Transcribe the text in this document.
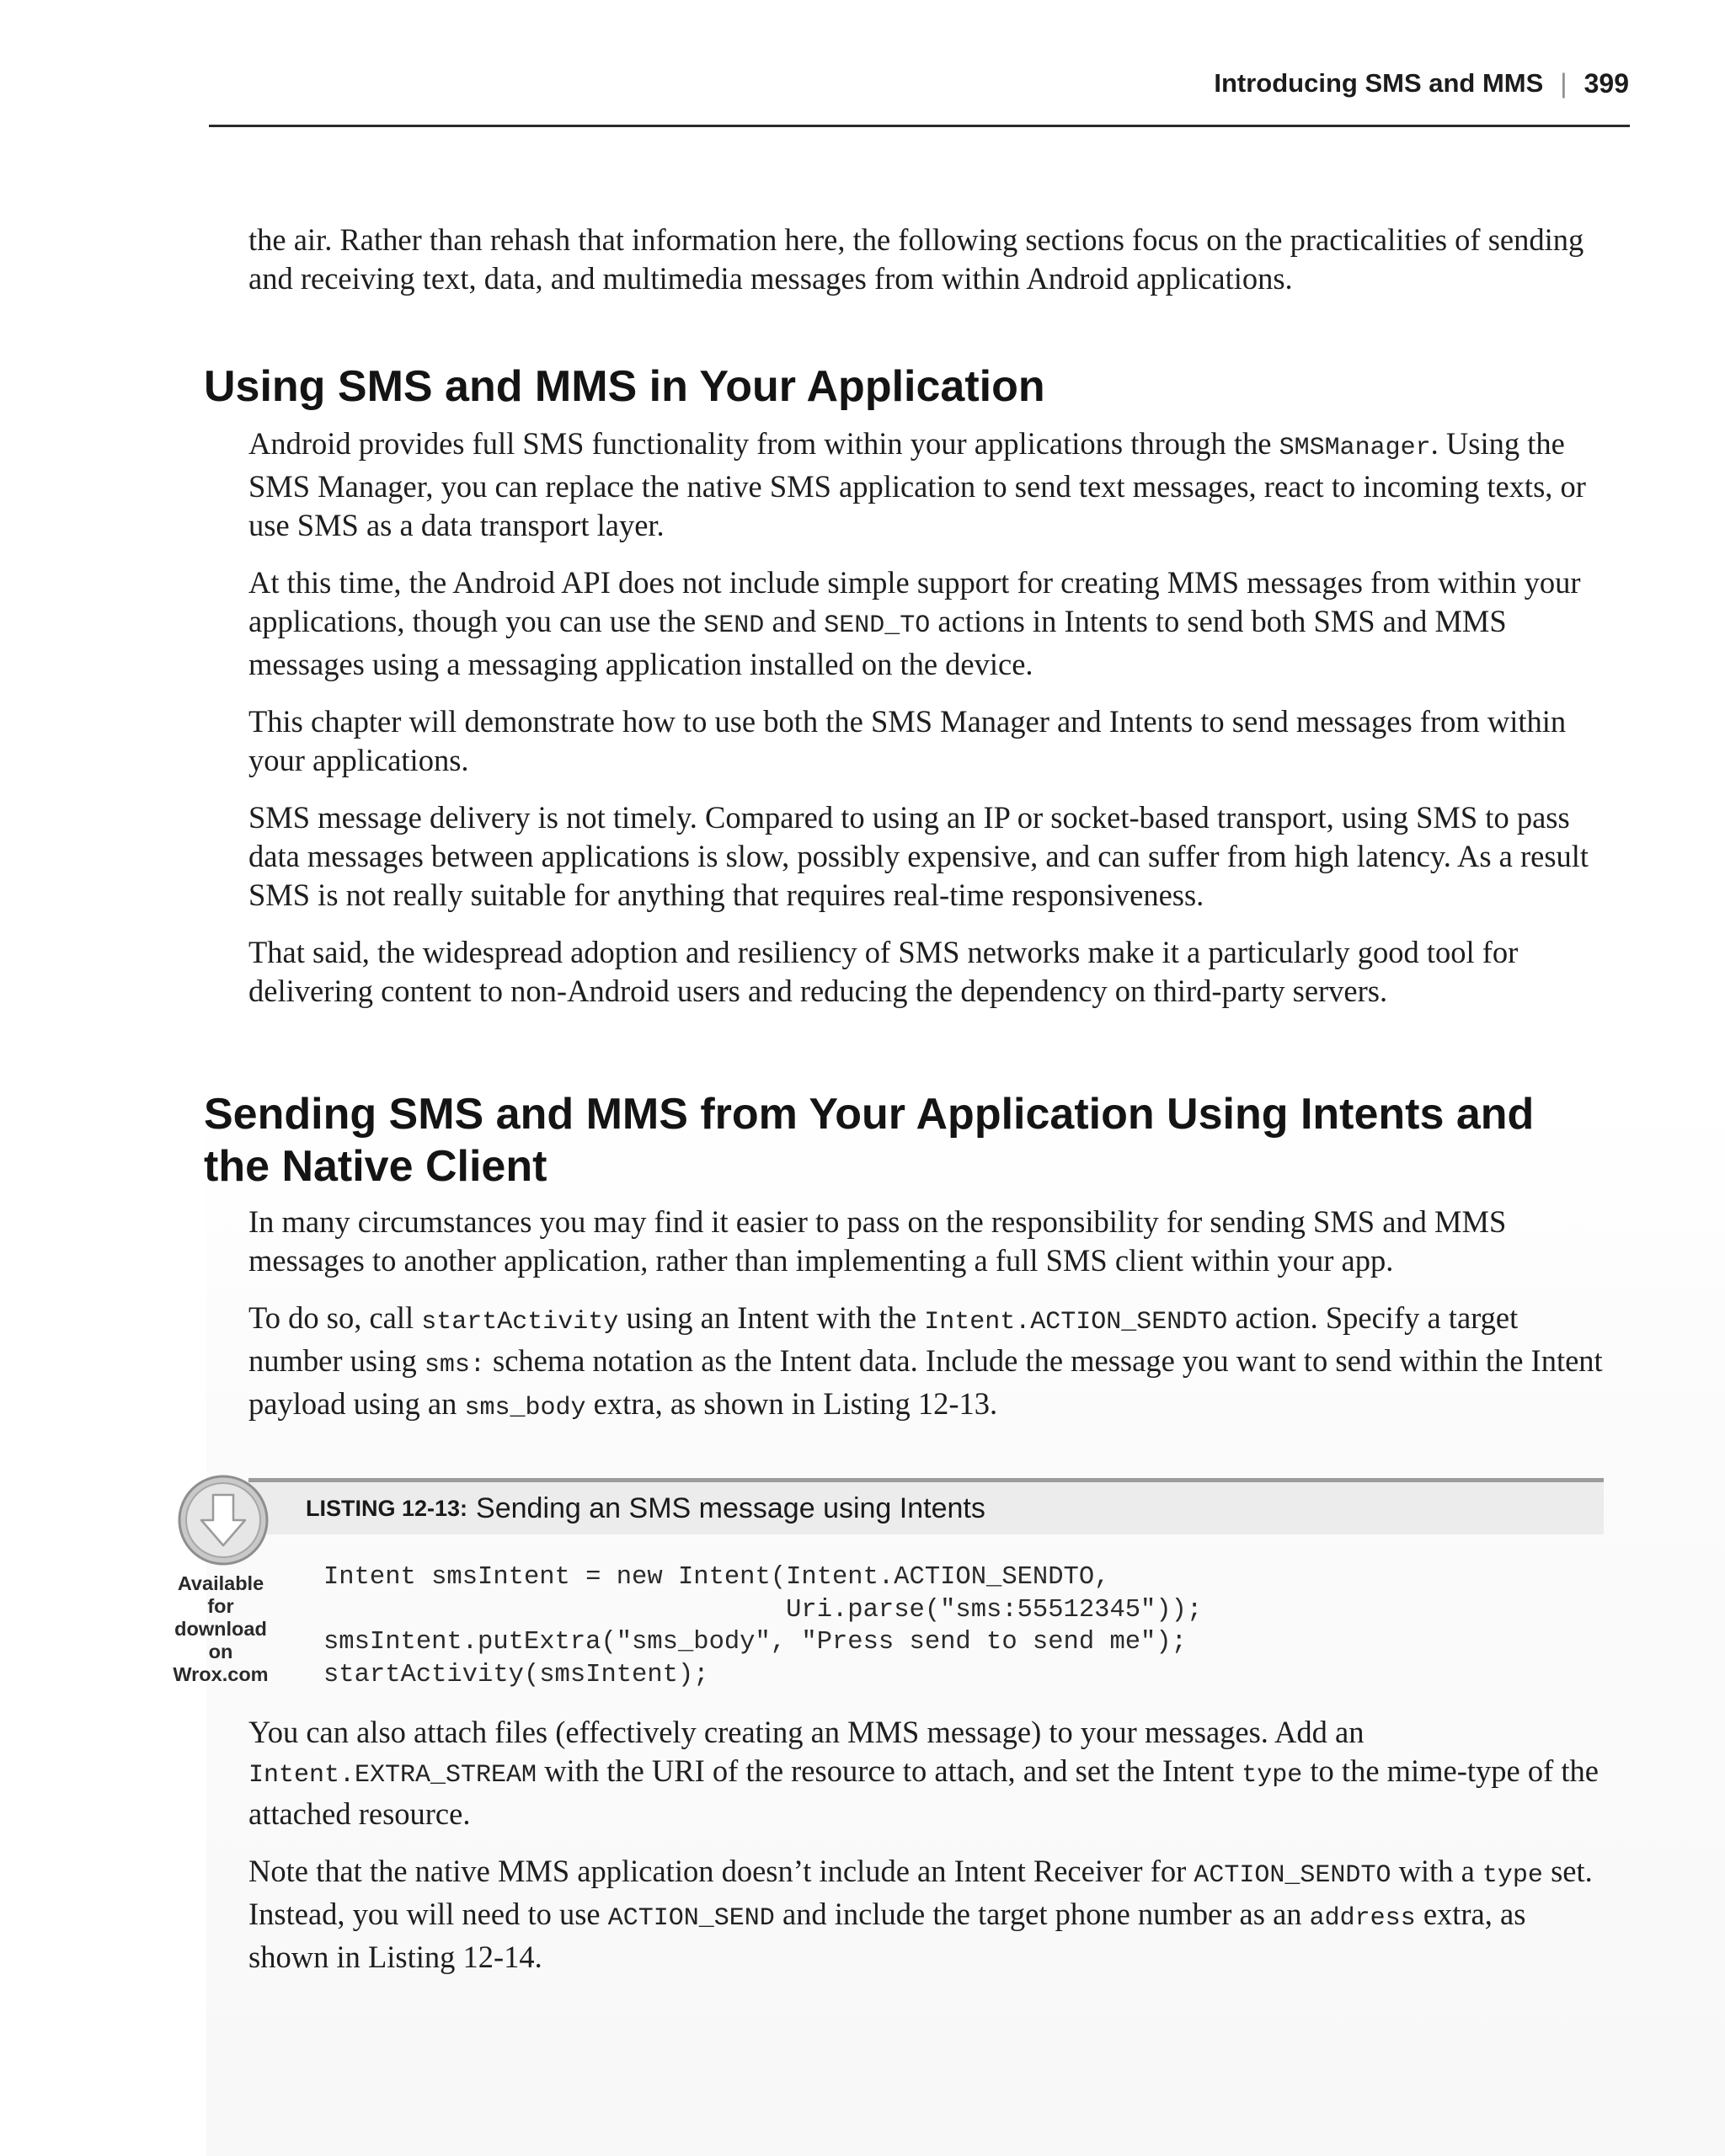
Introducing SMS and MMS | 399

the air. Rather than rehash that information here, the following sections focus on the practicalities of sending and receiving text, data, and multimedia messages from within Android applications.

Using SMS and MMS in Your Application

Android provides full SMS functionality from within your applications through the SMSManager. Using the SMS Manager, you can replace the native SMS application to send text messages, react to incoming texts, or use SMS as a data transport layer.

At this time, the Android API does not include simple support for creating MMS messages from within your applications, though you can use the SEND and SEND_TO actions in Intents to send both SMS and MMS messages using a messaging application installed on the device.

This chapter will demonstrate how to use both the SMS Manager and Intents to send messages from within your applications.

SMS message delivery is not timely. Compared to using an IP or socket-based transport, using SMS to pass data messages between applications is slow, possibly expensive, and can suffer from high latency. As a result SMS is not really suitable for anything that requires real-time responsiveness.

That said, the widespread adoption and resiliency of SMS networks make it a particularly good tool for delivering content to non-Android users and reducing the dependency on third-party servers.

Sending SMS and MMS from Your Application Using Intents and the Native Client

In many circumstances you may find it easier to pass on the responsibility for sending SMS and MMS messages to another application, rather than implementing a full SMS client within your app.

To do so, call startActivity using an Intent with the Intent.ACTION_SENDTO action. Specify a target number using sms: schema notation as the Intent data. Include the message you want to send within the Intent payload using an sms_body extra, as shown in Listing 12-13.

LISTING 12-13: Sending an SMS message using Intents
Available for download on Wrox.com
Intent smsIntent = new Intent(Intent.ACTION_SENDTO,
Uri.parse("sms:55512345"));
smsIntent.putExtra("sms_body", "Press send to send me");
startActivity(smsIntent);

You can also attach files (effectively creating an MMS message) to your messages. Add an Intent.EXTRA_STREAM with the URI of the resource to attach, and set the Intent type to the mime-type of the attached resource.

Note that the native MMS application doesn’t include an Intent Receiver for ACTION_SENDTO with a type set. Instead, you will need to use ACTION_SEND and include the target phone number as an address extra, as shown in Listing 12-14.
